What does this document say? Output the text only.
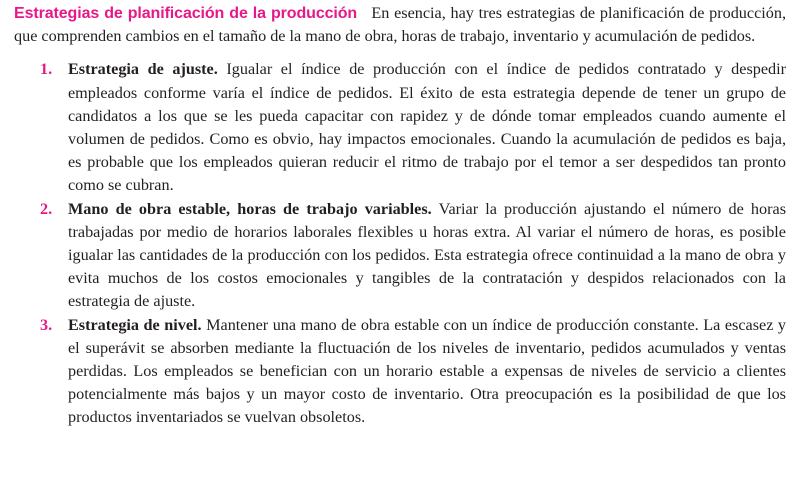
Estrategias de planificación de la producción En esencia, hay tres estrategias de planificación de producción, que comprenden cambios en el tamaño de la mano de obra, horas de trabajo, inventario y acumulación de pedidos.

1. Estrategia de ajuste. Igualar el índice de producción con el índice de pedidos contratado y despedir empleados conforme varía el índice de pedidos. El éxito de esta estrategia depende de tener un grupo de candidatos a los que se les pueda capacitar con rapidez y de dónde tomar empleados cuando aumente el volumen de pedidos. Como es obvio, hay impactos emocionales. Cuando la acumulación de pedidos es baja, es probable que los empleados quieran reducir el ritmo de trabajo por el temor a ser despedidos tan pronto como se cubran.
2. Mano de obra estable, horas de trabajo variables. Variar la producción ajustando el número de horas trabajadas por medio de horarios laborales flexibles u horas extra. Al variar el número de horas, es posible igualar las cantidades de la producción con los pedidos. Esta estrategia ofrece continuidad a la mano de obra y evita muchos de los costos emocionales y tangibles de la contratación y despidos relacionados con la estrategia de ajuste.
3. Estrategia de nivel. Mantener una mano de obra estable con un índice de producción constante. La escasez y el superávit se absorben mediante la fluctuación de los niveles de inventario, pedidos acumulados y ventas perdidas. Los empleados se benefician con un horario estable a expensas de niveles de servicio a clientes potencialmente más bajos y un mayor costo de inventario. Otra preocupación es la posibilidad de que los productos inventariados se vuelvan obsoletos.
